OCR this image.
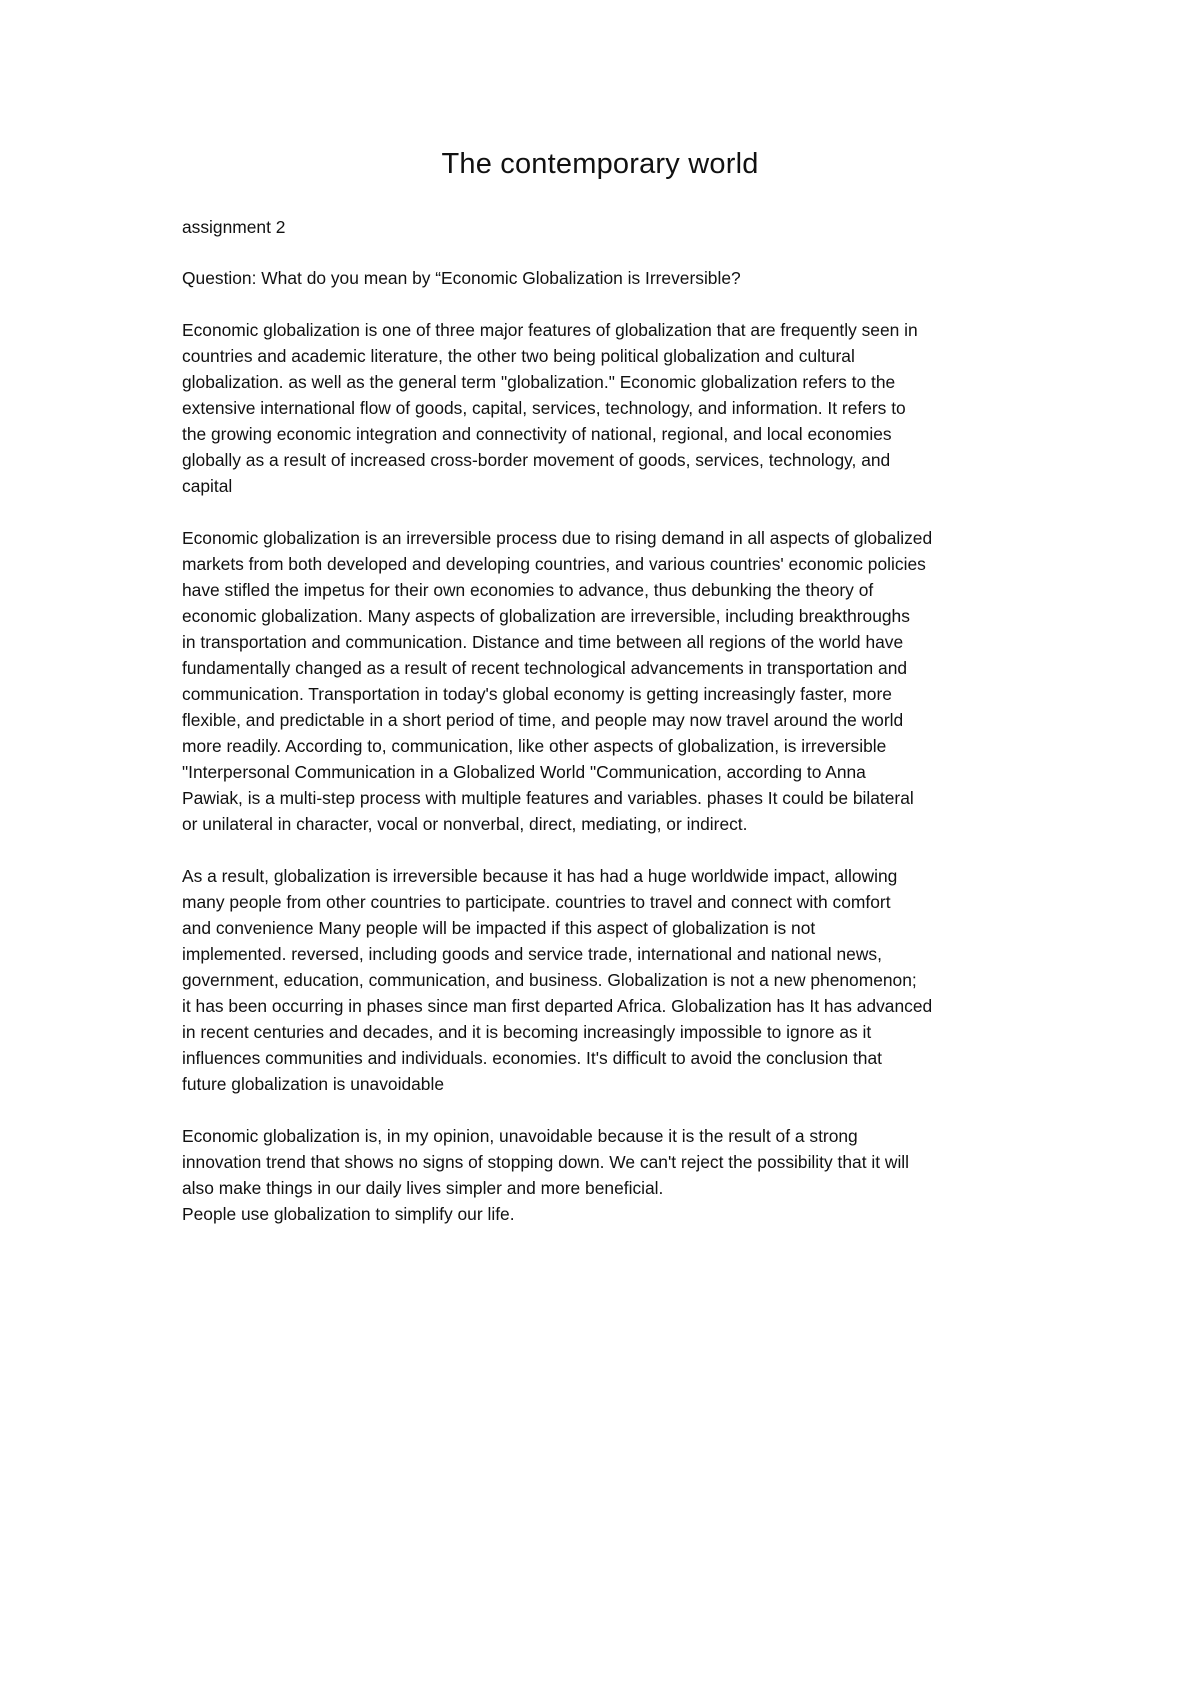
The contemporary world

assignment 2

Question: What do you mean by “Economic Globalization is Irreversible?

Economic globalization is one of three major features of globalization that are frequently seen in
countries and academic literature, the other two being political globalization and cultural
globalization. as well as the general term "globalization." Economic globalization refers to the
extensive international flow of goods, capital, services, technology, and information. It refers to
the growing economic integration and connectivity of national, regional, and local economies
globally as a result of increased cross-border movement of goods, services, technology, and
capital

Economic globalization is an irreversible process due to rising demand in all aspects of globalized
markets from both developed and developing countries, and various countries' economic policies
have stifled the impetus for their own economies to advance, thus debunking the theory of
economic globalization. Many aspects of globalization are irreversible, including breakthroughs
in transportation and communication. Distance and time between all regions of the world have
fundamentally changed as a result of recent technological advancements in transportation and
communication. Transportation in today's global economy is getting increasingly faster, more
flexible, and predictable in a short period of time, and people may now travel around the world
more readily. According to, communication, like other aspects of globalization, is irreversible
"Interpersonal Communication in a Globalized World "Communication, according to Anna
Pawiak, is a multi-step process with multiple features and variables. phases It could be bilateral
or unilateral in character, vocal or nonverbal, direct, mediating, or indirect.

As a result, globalization is irreversible because it has had a huge worldwide impact, allowing
many people from other countries to participate. countries to travel and connect with comfort
and convenience Many people will be impacted if this aspect of globalization is not
implemented. reversed, including goods and service trade, international and national news,
government, education, communication, and business. Globalization is not a new phenomenon;
it has been occurring in phases since man first departed Africa. Globalization has It has advanced
in recent centuries and decades, and it is becoming increasingly impossible to ignore as it
influences communities and individuals. economies. It's difficult to avoid the conclusion that
future globalization is unavoidable

Economic globalization is, in my opinion, unavoidable because it is the result of a strong
innovation trend that shows no signs of stopping down. We can't reject the possibility that it will
also make things in our daily lives simpler and more beneficial.
People use globalization to simplify our life.
